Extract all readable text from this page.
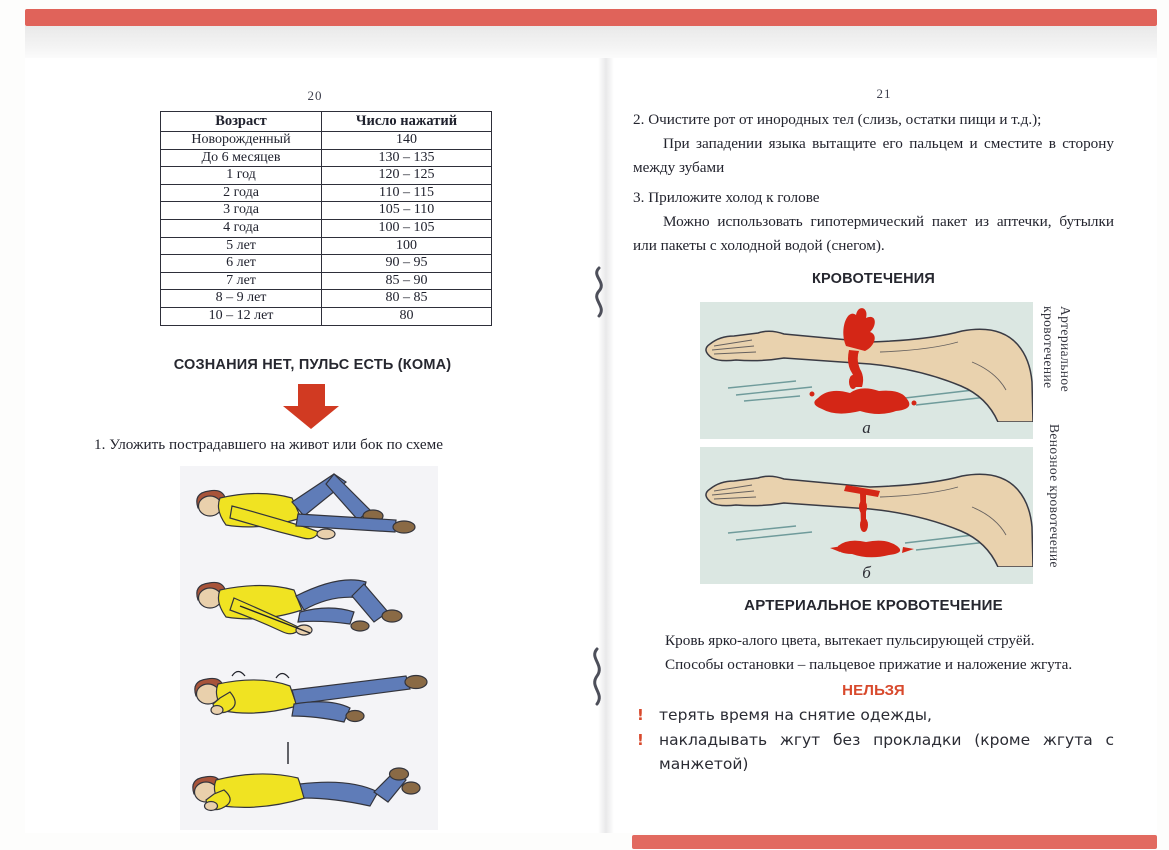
20
Возраст	Число нажатий
Новорожденный	140
До 6 месяцев	130 – 135
1 год	120 – 125
2 года	110 – 115
3 года	105 – 110
4 года	100 – 105
5 лет	100
6 лет	90 – 95
7 лет	85 – 90
8 – 9 лет	80 – 85
10 – 12 лет	80
СОЗНАНИЯ НЕТ, ПУЛЬС ЕСТЬ (КОМА)
1. Уложить пострадавшего на живот или бок по схеме
21
2. Очистите рот от инородных тел (слизь, остатки пищи и т.д.);
При западении языка вытащите его пальцем и сместите в сторону между зубами
3. Приложите холод к голове
Можно использовать гипотермический пакет из аптечки, бутылки или пакеты с холодной водой (снегом).
КРОВОТЕЧЕНИЯ
а
Артериальное кровотечение
б
Венозное кровотечение
АРТЕРИАЛЬНОЕ КРОВОТЕЧЕНИЕ
Кровь ярко-алого цвета, вытекает пульсирующей струёй.
Способы остановки – пальцевое прижатие и наложение жгута.
НЕЛЬЗЯ
! терять время на снятие одежды,
! накладывать жгут без прокладки (кроме жгута с манжетой)
